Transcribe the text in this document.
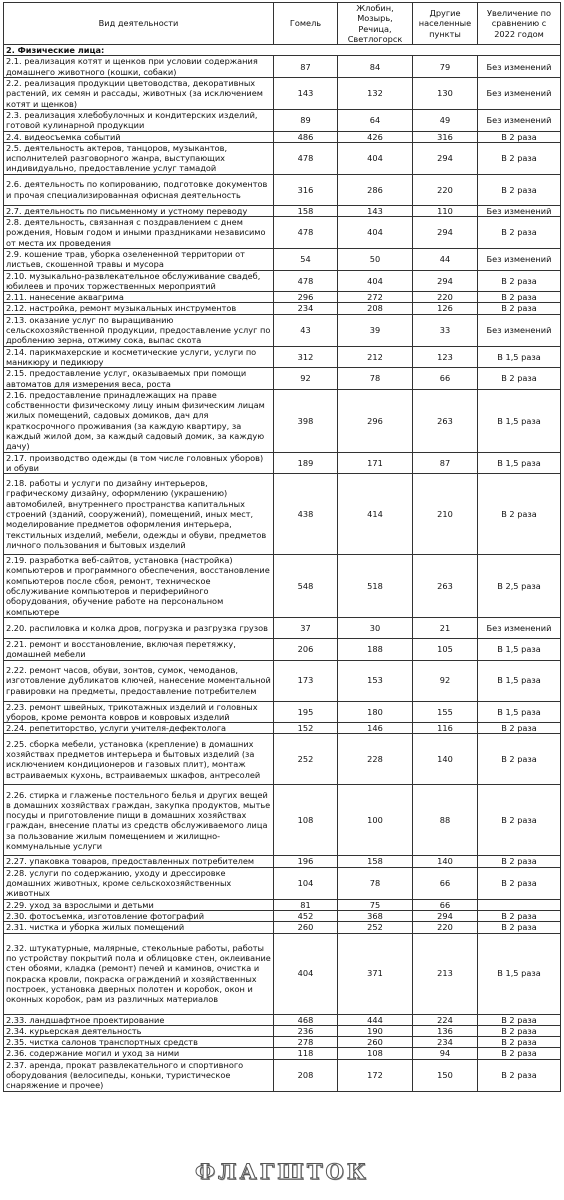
Вид деятельности	Гомель	Жлобин, Мозырь, Речица, Светлогорск	Другие населенные пункты	Увеличение по сравнению с 2022 годом
2. Физические лица:				
2.1. реализация котят и щенков при условии содержания домашнего животного (кошки, собаки)	87	84	79	Без изменений
2.2. реализация продукции цветоводства, декоративных растений, их семян и рассады, животных (за исключением котят и щенков)	143	132	130	Без изменений
2.3. реализация хлебобулочных и кондитерских изделий, готовой кулинарной продукции	89	64	49	Без изменений
2.4. видеосъемка событий	486	426	316	В 2 раза
2.5. деятельность актеров, танцоров, музыкантов, исполнителей разговорного жанра, выступающих индивидуально, предоставление услуг тамадой	478	404	294	В 2 раза
2.6. деятельность по копированию, подготовке документов и прочая специализированная офисная деятельность	316	286	220	В 2 раза
2.7. деятельность по письменному и устному переводу	158	143	110	Без изменений
2.8. деятельность, связанная с поздравлением с днем рождения, Новым годом и иными праздниками независимо от места их проведения	478	404	294	В 2 раза
2.9. кошение трав, уборка озелененной территории от листьев, скошенной травы и мусора	54	50	44	Без изменений
2.10. музыкально-развлекательное обслуживание свадеб, юбилеев и прочих торжественных мероприятий	478	404	294	В 2 раза
2.11. нанесение аквагрима	296	272	220	В 2 раза
2.12. настройка, ремонт музыкальных инструментов	234	208	126	В 2 раза
2.13. оказание услуг по выращиванию сельскохозяйственной продукции, предоставление услуг по дроблению зерна, отжиму сока, выпас скота	43	39	33	Без изменений
2.14. парикмахерские и косметические услуги, услуги по маникюру и педикюру	312	212	123	В 1,5 раза
2.15. предоставление услуг, оказываемых при помощи автоматов для измерения веса, роста	92	78	66	В 2 раза
2.16. предоставление принадлежащих на праве собственности физическому лицу иным физическим лицам жилых помещений, садовых домиков, дач для краткосрочного проживания (за каждую квартиру, за каждый жилой дом, за каждый садовый домик, за каждую дачу)	398	296	263	В 1,5 раза
2.17. производство одежды (в том числе головных уборов) и обуви	189	171	87	В 1,5 раза
2.18. работы и услуги по дизайну интерьеров, графическому дизайну, оформлению (украшению) автомобилей, внутреннего пространства капитальных строений (зданий, сооружений), помещений, иных мест, моделирование предметов оформления интерьера, текстильных изделий, мебели, одежды и обуви, предметов личного пользования и бытовых изделий	438	414	210	В 2 раза
2.19. разработка веб-сайтов, установка (настройка) компьютеров и программного обеспечения, восстановление компьютеров после сбоя, ремонт, техническое обслуживание компьютеров и периферийного оборудования, обучение работе на персональном компьютере	548	518	263	В 2,5 раза
2.20. распиловка и колка дров, погрузка и разгрузка грузов	37	30	21	Без изменений
2.21. ремонт и восстановление, включая перетяжку, домашней мебели	206	188	105	В 1,5 раза
2.22. ремонт часов, обуви, зонтов, сумок, чемоданов, изготовление дубликатов ключей, нанесение моментальной гравировки на предметы, предоставление потребителем	173	153	92	В 1,5 раза
2.23. ремонт швейных, трикотажных изделий и головных уборов, кроме ремонта ковров и ковровых изделий	195	180	155	В 1,5 раза
2.24. репетиторство, услуги учителя-дефектолога	152	146	116	В 2 раза
2.25. сборка мебели, установка (крепление) в домашних хозяйствах предметов интерьера и бытовых изделий (за исключением кондиционеров и газовых плит), монтаж встраиваемых кухонь, встраиваемых шкафов, антресолей	252	228	140	В 2 раза
2.26. стирка и глаженье постельного белья и других вещей в домашних хозяйствах граждан, закупка продуктов, мытье посуды и приготовление пищи в домашних хозяйствах граждан, внесение платы из средств обслуживаемого лица за пользование жилым помещением и жилищно-коммунальные услуги	108	100	88	В 2 раза
2.27. упаковка товаров, предоставленных потребителем	196	158	140	В 2 раза
2.28. услуги по содержанию, уходу и дрессировке домашних животных, кроме сельскохозяйственных животных	104	78	66	В 2 раза
2.29. уход за взрослыми и детьми	81	75	66	
2.30. фотосъемка, изготовление фотографий	452	368	294	В 2 раза
2.31. чистка и уборка жилых помещений	260	252	220	В 2 раза
2.32. штукатурные, малярные, стекольные работы, работы по устройству покрытий пола и облицовке стен, оклеивание стен обоями, кладка (ремонт) печей и каминов, очистка и покраска кровли, покраска ограждений и хозяйственных построек, установка дверных полотен и коробок, окон и оконных коробок, рам из различных материалов	404	371	213	В 1,5 раза
2.33. ландшафтное проектирование	468	444	224	В 2 раза
2.34. курьерская деятельность	236	190	136	В 2 раза
2.35. чистка салонов транспортных средств	278	260	234	В 2 раза
2.36. содержание могил и уход за ними	118	108	94	В 2 раза
2.37. аренда, прокат развлекательного и спортивного оборудования (велосипеды, коньки, туристическое снаряжение и прочее)	208	172	150	В 2 раза
ФЛАГШТОК
